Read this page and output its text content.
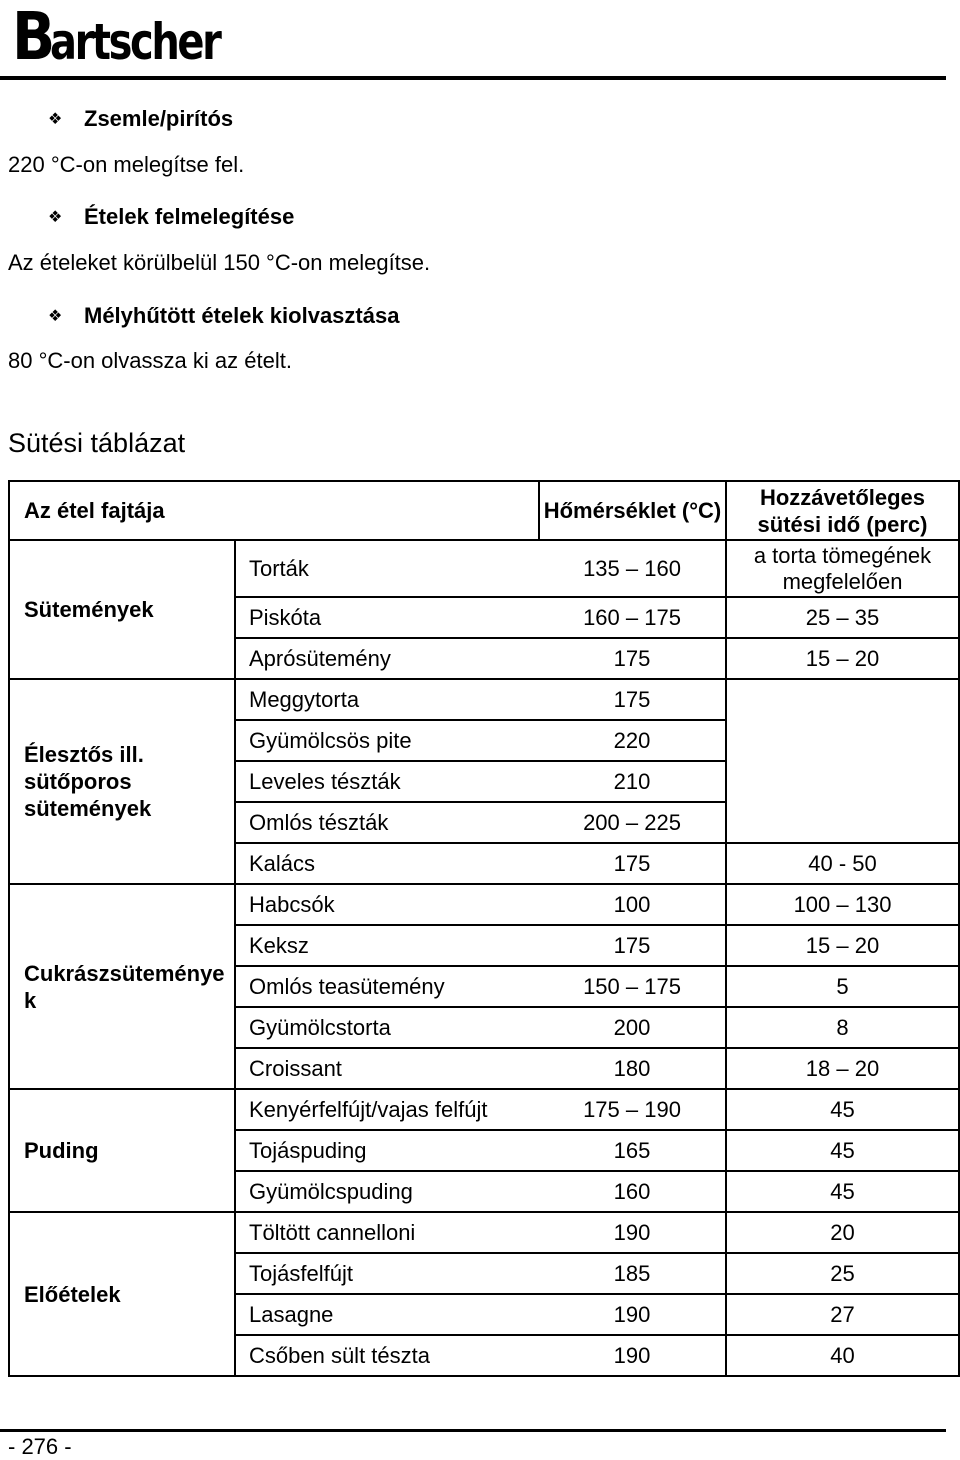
B
artscher
❖ Zsemle/pirítós
220 °C-on melegítse fel.
❖ Ételek felmelegítése
Az ételeket körülbelül 150 °C-on melegítse.
❖ Mélyhűtött ételek kiolvasztása
80 °C-on olvassza ki az ételt.
Sütési táblázat
Az étel fajtája		Hőmérséklet (°C)	Hozzávetőleges sütési idő (perc)
Sütemények	Torták	135 – 160	a torta tömegének megfelelően

	Piskóta	160 – 175	25 – 35
	Aprósütemény	175	15 – 20
Élesztős ill. sütőporos sütemények	Meggytorta	175	
	Gyümölcsös pite	220	
	Leveles tészták	210	
	Omlós tészták	200 – 225	
	Kalács	175	40 - 50
Cukrászsütemények	Habcsók	100	100 – 130
	Keksz	175	15 – 20
	Omlós teasütemény	150 – 175	5
	Gyümölcstorta	200	8
	Croissant	180	18 – 20
Puding	Kenyérfelfújt/vajas felfújt	175 – 190	45
	Tojáspuding	165	45
	Gyümölcspuding	160	45
Előételek	Töltött cannelloni	190	20
	Tojásfelfújt	185	25
	Lasagne	190	27
	Csőben sült tészta	190	40
- 276 -
